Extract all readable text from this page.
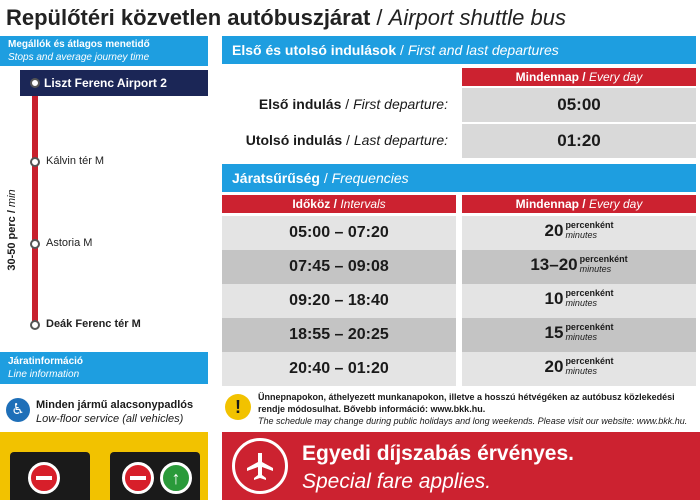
Repülőtéri közvetlen autóbuszjárat / Airport shuttle bus
Megállók és átlagos menetidő
Stops and average journey time
Liszt Ferenc Airport 2
Kálvin tér M
Astoria M
Deák Ferenc tér M
30-50 perc / min
Járatinformáció
Line information
♿	Minden jármű alacsonypadlós
Low-floor service (all vehicles)
↑
Első és utolsó indulások / First and last departures
Mindennap / Every day
Első indulás / First departure:	05:00
Utolsó indulás / Last departure:	01:20
Járatsűrűség / Frequencies
Időköz / Intervals	Mindennap / Every day
05:00 – 07:20	20 percenként
minutes
07:45 – 09:08	13–20 percenként
minutes
09:20 – 18:40	10 percenként
minutes
18:55 – 20:25	15 percenként
minutes
20:40 – 01:20	20 percenként
minutes
!	Ünnepnapokon, áthelyezett munkanapokon, illetve a hosszú hétvégéken az autóbusz közlekedési rendje módosulhat. Bővebb információ: www.bkk.hu.
The schedule may change during public holidays and long weekends. Please visit our website: www.bkk.hu.
Egyedi díjszabás érvényes.
Special fare applies.
